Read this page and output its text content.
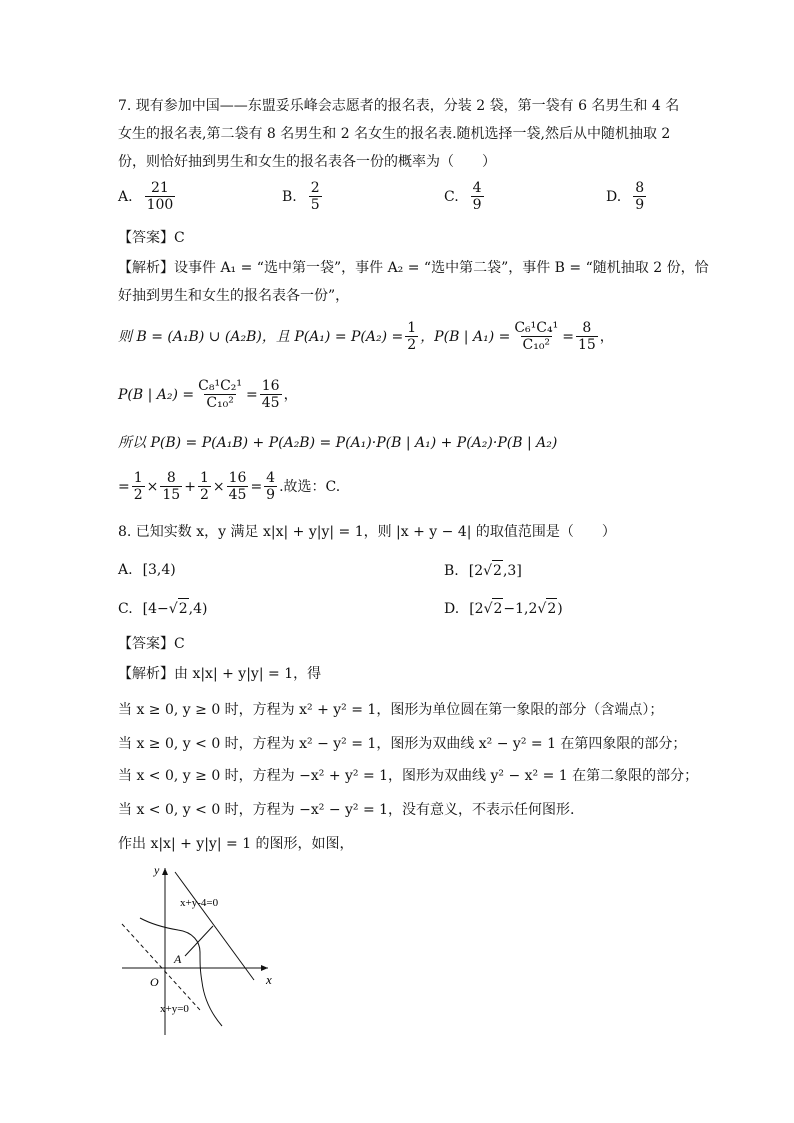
7. 现有参加中国——东盟妥乐峰会志愿者的报名表，分装 2 袋，第一袋有 6 名男生和 4 名
女生的报名表,第二袋有 8 名男生和 2 名女生的报名表.随机选择一袋,然后从中随机抽取 2
份，则恰好抽到男生和女生的报名表各一份的概率为（　　）
A. $\frac{21}{100}$	B. $\frac{2}{5}$	C. $\frac{4}{9}$	D. $\frac{8}{9}$
【答案】C
【解析】设事件 A₁ = “选中第一袋”，事件 A₂ = “选中第二袋”，事件 B = “随机抽取 2 份，恰
好抽到男生和女生的报名表各一份”，
则 B = (A₁B) ∪ (A₂B)，且 $P(A_1) = P(A_2) = \frac{1}{2}$ ，P(B | $A_1) = \frac{\text{C₆¹C₄¹}}{\text{C₁₀²}} = \frac{8}{15}$ ，
P(B | $A_2) = \frac{\text{C₈¹C₂¹}}{\text{C₁₀²}} = \frac{16}{45}$ ，
所以 P(B) = P(A₁B) + P(A₂B) = P(A₁)·P(B | A₁) + P(A₂)·P(B | A₂)
= $\frac{1}{2} \times \frac{8}{15} + \frac{1}{2} \times \frac{16}{45} = \frac{4}{9}$ .故选：C.
8. 已知实数 x，y 满足 x|x| + y|y| = 1，则 |x + y − 4| 的取值范围是（　　）
A. [3,4)	B. [2 √ 2 ,3]
C. [4− √ 2 ,4)	D. [2 √ 2 −1,2 √ 2 )
【答案】C
【解析】由 x|x| + y|y| = 1，得
当 x ≥ 0, y ≥ 0 时，方程为 x² + y² = 1，图形为单位圆在第一象限的部分（含端点）；
当 x ≥ 0, y < 0 时，方程为 x² − y² = 1，图形为双曲线 x² − y² = 1 在第四象限的部分；
当 x < 0, y ≥ 0 时，方程为 −x² + y² = 1，图形为双曲线 y² − x² = 1 在第二象限的部分；
当 x < 0, y < 0 时，方程为 −x² − y² = 1，没有意义，不表示任何图形.
作出 x|x| + y|y| = 1 的图形，如图，
y
x
O
A
x+y-4=0
x+y=0
